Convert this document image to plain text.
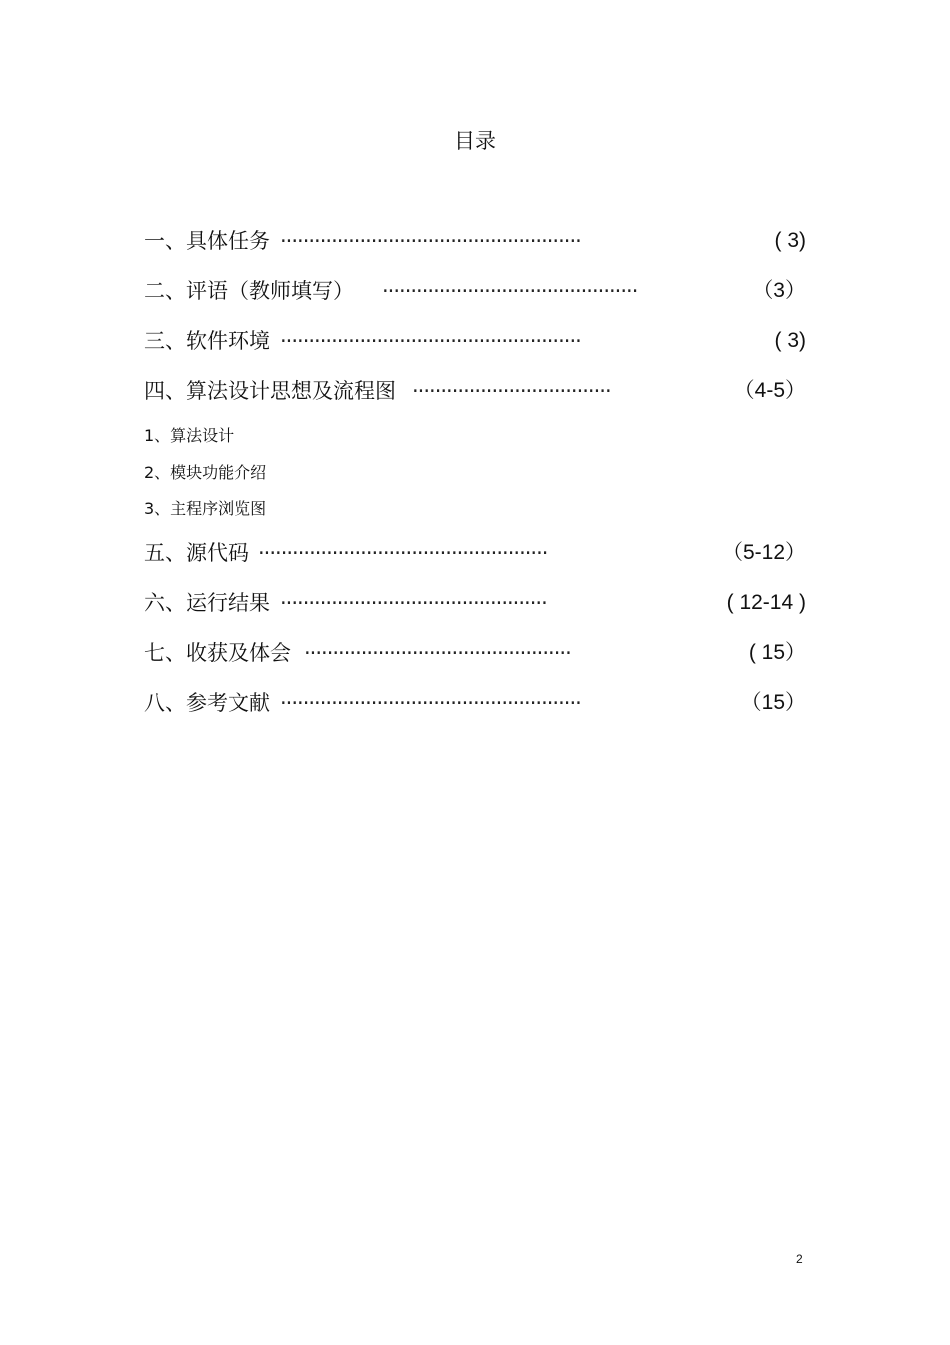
目录
一、具体任务 ·····················································	( 3)
二、评语（教师填写） ·············································	（3）
三、软件环境 ·····················································	( 3)
四、算法设计思想及流程图 ···································	（4-5）
1、算法设计
2、模块功能介绍
3、主程序浏览图
五、源代码 ···················································	（5-12）
六、运行结果 ···············································	( 12-14 )
七、收获及体会 ···············································	( 15）
八、参考文献 ·····················································	（15）
2
